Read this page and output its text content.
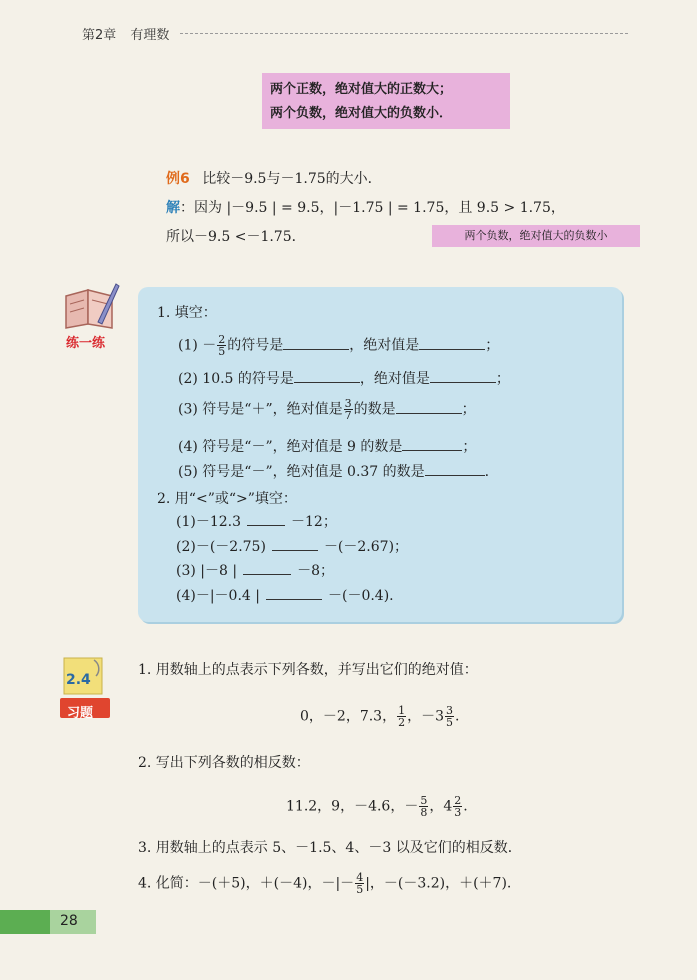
第2章 有理数
两个正数，绝对值大的正数大；
两个负数，绝对值大的负数小．
例6 比较－9.5与－1.75的大小．
解：因为 |－9.5 | = 9.5，|－1.75 | = 1.75，且 9.5 > 1.75，
所以－9.5 <－1.75．	两个负数，绝对值大的负数小
练一练
1. 填空：
$(1) - \frac{2}{5}$ 的符号是	，绝对值是	；
(2) 10.5 的符号是	，绝对值是	；
(3) 符号是“＋”，绝对值是 $\frac{3}{7}$ 的数是	；
(4) 符号是“－”，绝对值是 9 的数是	；
(5) 符号是“－”，绝对值是 0.37 的数是	.
2. 用“<”或“>”填空：
(1)－12.3	－12；
(2)－(－2.75)	－(－2.67)；
(3) |－8 |	－8；
(4)－|－0.4 |	－(－0.4).
2.4
习题
1. 用数轴上的点表示下列各数，并写出它们的绝对值：
0，－2，7.3， $\frac{1}{2}$ ，$-3 \frac{3}{5}$ .
2. 写出下列各数的相反数：
11.2，9，－4.6，－ $\frac{5}{8}$ ，$4 \frac{2}{3}$ .
3. 用数轴上的点表示 5、－1.5、4、－3 以及它们的相反数．
4. 化简：－(＋5)，＋(－4)，－|－ $\frac{4}{5}$ |，－(－3.2)，＋(＋7).
28
